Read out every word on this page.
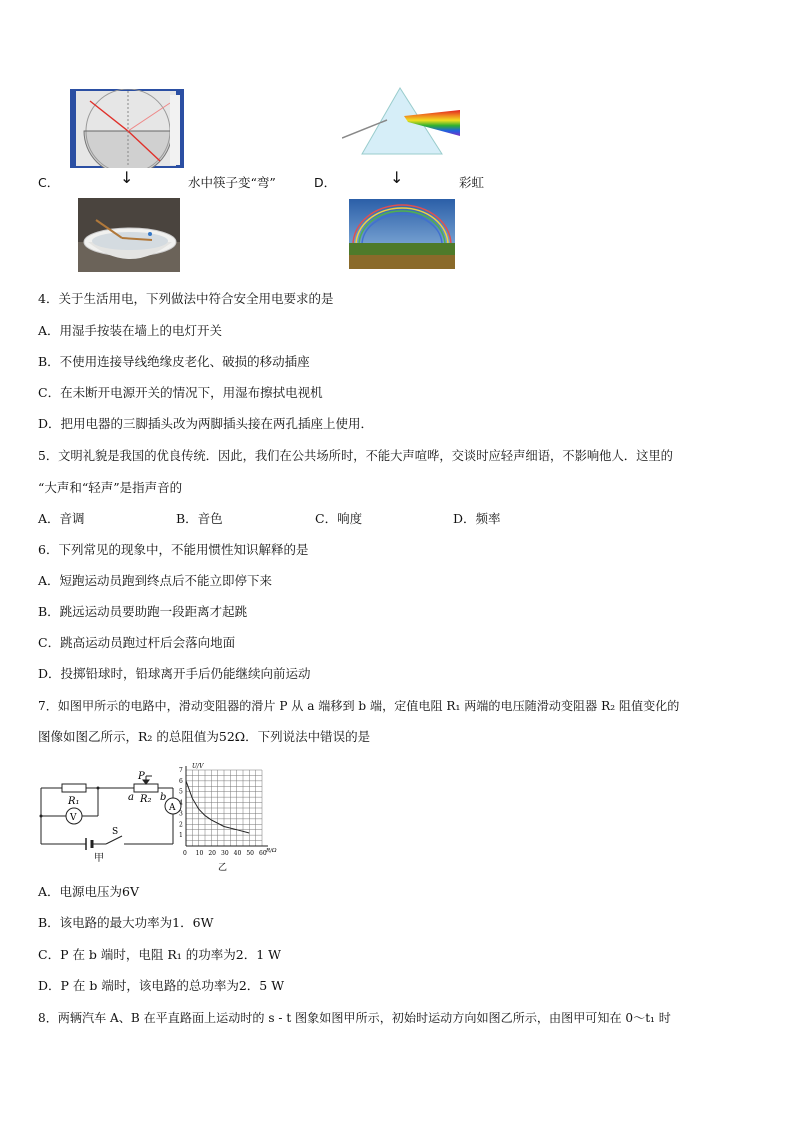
C．	↓	水中筷子变“弯”	D．	↓	彩虹
4．关于生活用电，下列做法中符合安全用电要求的是
A．用湿手按装在墙上的电灯开关
B．不使用连接导线绝缘皮老化、破损的移动插座
C．在未断开电源开关的情况下，用湿布擦拭电视机
D．把用电器的三脚插头改为两脚插头接在两孔插座上使用．
5．文明礼貌是我国的优良传统．因此，我们在公共场所时，不能大声喧哗，交谈时应轻声细语，不影响他人．这里的
“大声和“轻声”是指声音的
A．音调	B．音色	C．响度	D．频率
6．下列常见的现象中，不能用惯性知识解释的是
A．短跑运动员跑到终点后不能立即停下来
B．跳远运动员要助跑一段距离才起跳
C．跳高运动员跑过杆后会落向地面
D．投掷铅球时，铅球离开手后仍能继续向前运动
7．如图甲所示的电路中，滑动变阻器的滑片 P 从 a 端移到 b 端，定值电阻 R₁ 两端的电压随滑动变阻器 R₂ 阻值变化的
图像如图乙所示，R₂ 的总阻值为52Ω．下列说法中错误的是
R₁
P
a R₂ b
A
V
S
甲
1
2
3
4
5
6
7
0 10 20 30 40 50 60
U/V
R/Ω
乙
A．电源电压为6V
B．该电路的最大功率为1．6W
C．P 在 b 端时，电阻 R₁ 的功率为2．1 W
D．P 在 b 端时，该电路的总功率为2．5 W
8．两辆汽车 A、B 在平直路面上运动时的 s - t 图象如图甲所示，初始时运动方向如图乙所示，由图甲可知在 0～t₁ 时
